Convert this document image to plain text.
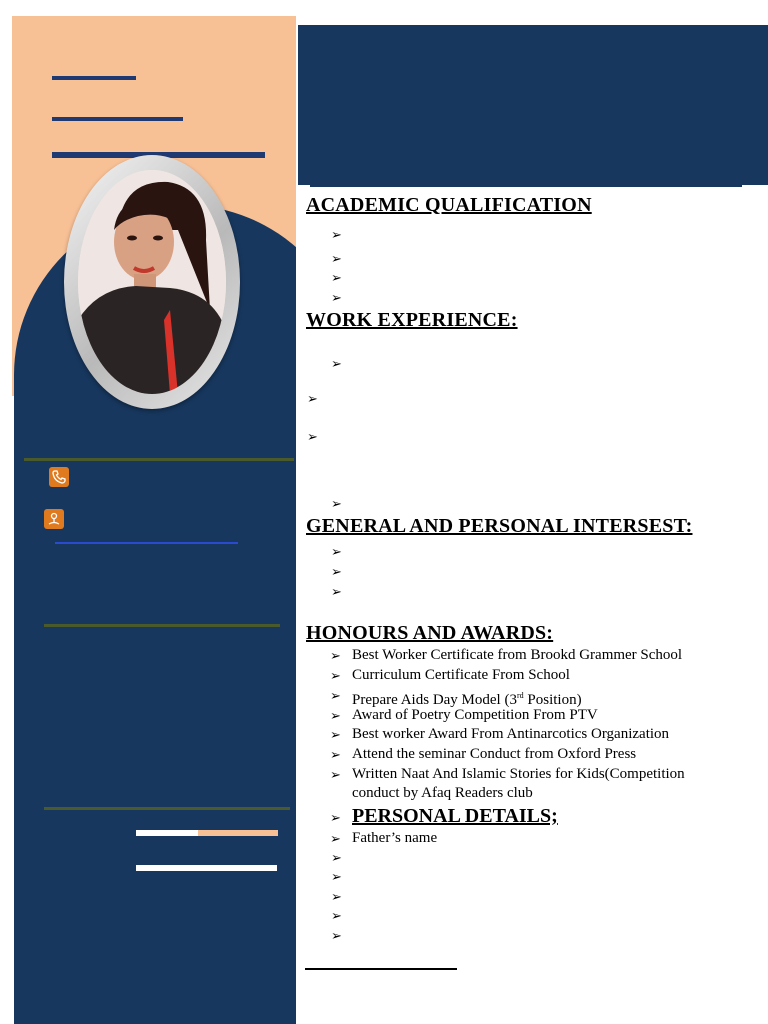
ACADEMIC QUALIFICATION
➢
➢
➢
➢
WORK EXPERIENCE:
➢
➢
➢
➢
GENERAL AND PERSONAL INTERSEST:
➢
➢
➢
HONOURS AND AWARDS:
➢ Best Worker Certificate from Brookd Grammer School
➢ Curriculum Certificate From School
➢ Prepare Aids Day Model (3rd Position)
➢ Award of Poetry Competition From PTV
➢ Best worker Award From Antinarcotics Organization
➢ Attend the seminar Conduct from Oxford Press
➢ Written Naat And Islamic Stories for Kids(Competition
conduct by Afaq Readers club
➢ PERSONAL DETAILS;
➢ Father’s name
➢
➢
➢
➢
➢
